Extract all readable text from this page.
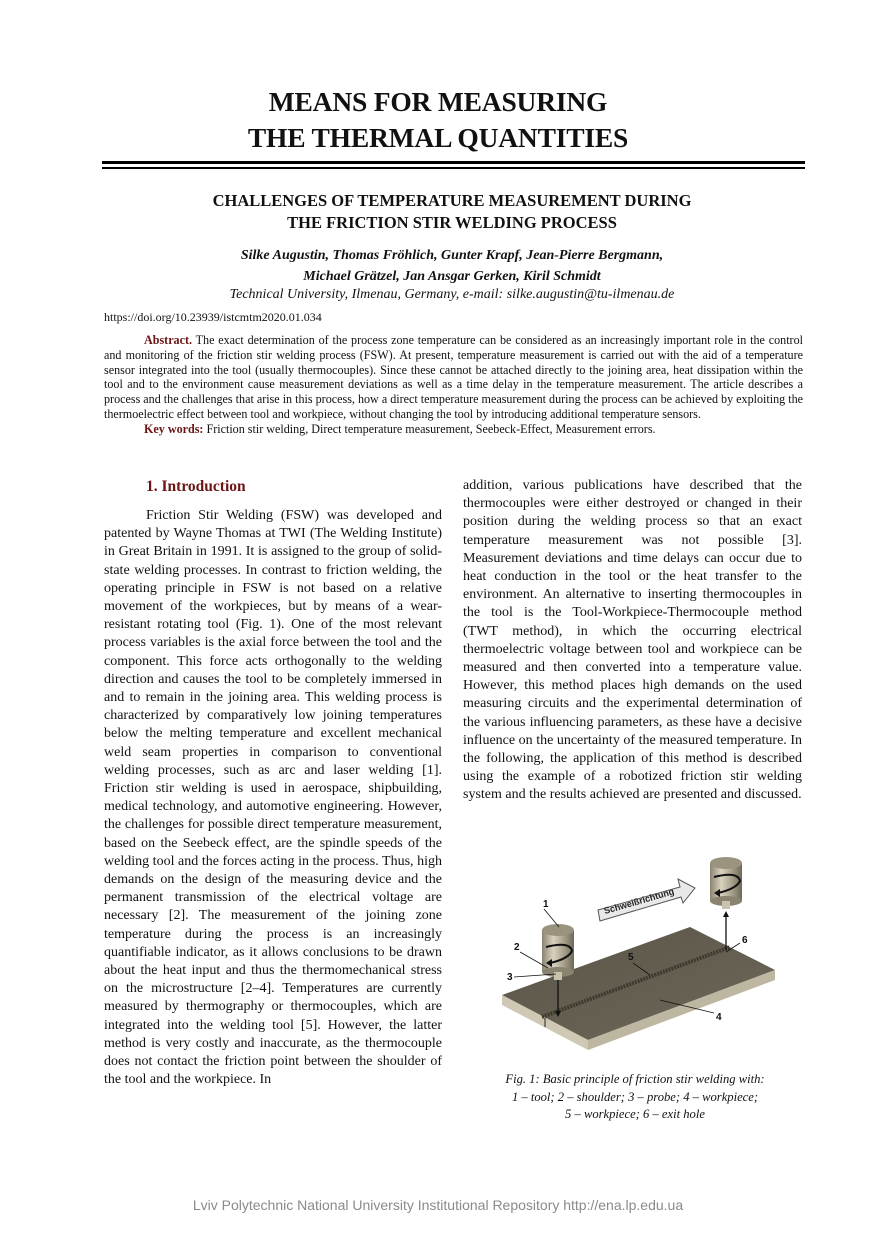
MEANS FOR MEASURING
THE THERMAL QUANTITIES
CHALLENGES OF TEMPERATURE MEASUREMENT DURING
THE FRICTION STIR WELDING PROCESS
Silke Augustin, Thomas Fröhlich, Gunter Krapf, Jean-Pierre Bergmann,
Michael Grätzel, Jan Ansgar Gerken, Kiril Schmidt
Technical University, Ilmenau, Germany, e-mail: silke.augustin@tu-ilmenau.de
https://doi.org/10.23939/istcmtm2020.01.034

Abstract. The exact determination of the process zone temperature can be considered as an increasingly important role in the control and monitoring of the friction stir welding process (FSW). At present, temperature measurement is carried out with the aid of a temperature sensor integrated into the tool (usually thermocouples). Since these cannot be attached directly to the joining area, heat dissipation within the tool and to the environment cause measurement deviations as well as a time delay in the temperature measurement. The article describes a process and the challenges that arise in this process, how a direct temperature measurement during the process can be achieved by exploiting the thermoelectric effect between tool and workpiece, without changing the tool by introducing additional temperature sensors.

Key words: Friction stir welding, Direct temperature measurement, Seebeck-Effect, Measurement errors.

1. Introduction

Friction Stir Welding (FSW) was developed and patented by Wayne Thomas at TWI (The Welding Institute) in Great Britain in 1991. It is assigned to the group of solid-state welding processes. In contrast to friction welding, the operating principle in FSW is not based on a relative movement of the workpieces, but by means of a wear-resistant rotating tool (Fig. 1). One of the most relevant process variables is the axial force between the tool and the component. This force acts orthogonally to the welding direction and causes the tool to be completely immersed in and to remain in the joining area. This welding process is characterized by comparatively low joining temperatures below the melting temperature and excellent mechanical weld seam properties in comparison to conventional welding processes, such as arc and laser welding [1]. Friction stir welding is used in aerospace, shipbuilding, medical technology, and automotive engineering. However, the challenges for possible direct temperature measurement, based on the Seebeck effect, are the spindle speeds of the welding tool and the forces acting in the process. Thus, high demands on the design of the measuring device and the permanent transmission of the electrical voltage are necessary [2]. The measurement of the joining zone temperature during the process is an increasingly quantifiable indicator, as it allows conclusions to be drawn about the heat input and thus the thermomechanical stress on the microstructure [2–4]. Temperatures are currently measured by thermography or thermocouples, which are integrated into the welding tool [5]. However, the latter method is very costly and inaccurate, as the thermocouple does not contact the friction point between the shoulder of the tool and the workpiece. In

addition, various publications have described that the thermocouples were either destroyed or changed in their position during the welding process so that an exact temperature measurement was not possible [3]. Measurement deviations and time delays can occur due to heat conduction in the tool or the heat transfer to the environment. An alternative to inserting thermocouples in the tool is the Tool-Workpiece-Thermocouple method (TWT method), in which the occurring electrical thermoelectric voltage between tool and workpiece can be measured and then converted into a temperature value. However, this method places high demands on the used measuring circuits and the experimental determination of the various influencing parameters, as these have a decisive influence on the uncertainty of the measured temperature. In the following, the application of this method is described using the example of a robotized friction stir welding system and the results achieved are presented and discussed.

Schweißrichtung
1
2
3
4
5
6
Fig. 1: Basic principle of friction stir welding with:
1 – tool; 2 – shoulder; 3 – probe; 4 – workpiece;
5 – workpiece; 6 – exit hole
Lviv Polytechnic National University Institutional Repository http://ena.lp.edu.ua
